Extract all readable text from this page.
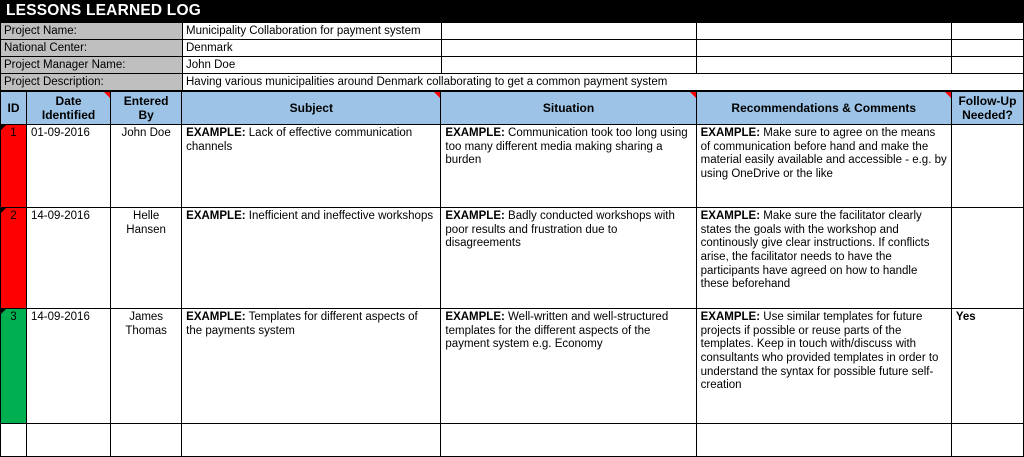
LESSONS LEARNED LOG
Project Name:	Municipality Collaboration for payment system			
National Center:	Denmark			
Project Manager Name:	John Doe			
Project Description:	Having various municipalities around Denmark collaborating to get a common payment system			
ID	Date Identified	Entered By	Subject	Situation	Recommendations & Comments	Follow-Up Needed?

1	01-09-2016	John Doe	EXAMPLE: Lack of effective communication channels	EXAMPLE: Communication took too long using too many different media making sharing a burden	EXAMPLE: Make sure to agree on the means of communication before hand and make the material easily available and accessible - e.g. by using OneDrive or the like	

2	14-09-2016	Helle Hansen	EXAMPLE: Inefficient and ineffective workshops	EXAMPLE: Badly conducted workshops with poor results and frustration due to disagreements	EXAMPLE: Make sure the facilitator clearly states the goals with the workshop and continously give clear instructions. If conflicts arise, the facilitator needs to have the participants have agreed on how to handle these beforehand	

3	14-09-2016	James Thomas	EXAMPLE: Templates for different aspects of the payments system	EXAMPLE: Well-written and well-structured templates for the different aspects of the payment system e.g. Economy	EXAMPLE: Use similar templates for future projects if possible or reuse parts of the templates. Keep in touch with/discuss with consultants who provided templates in order to understand the syntax for possible future self-creation	Yes
